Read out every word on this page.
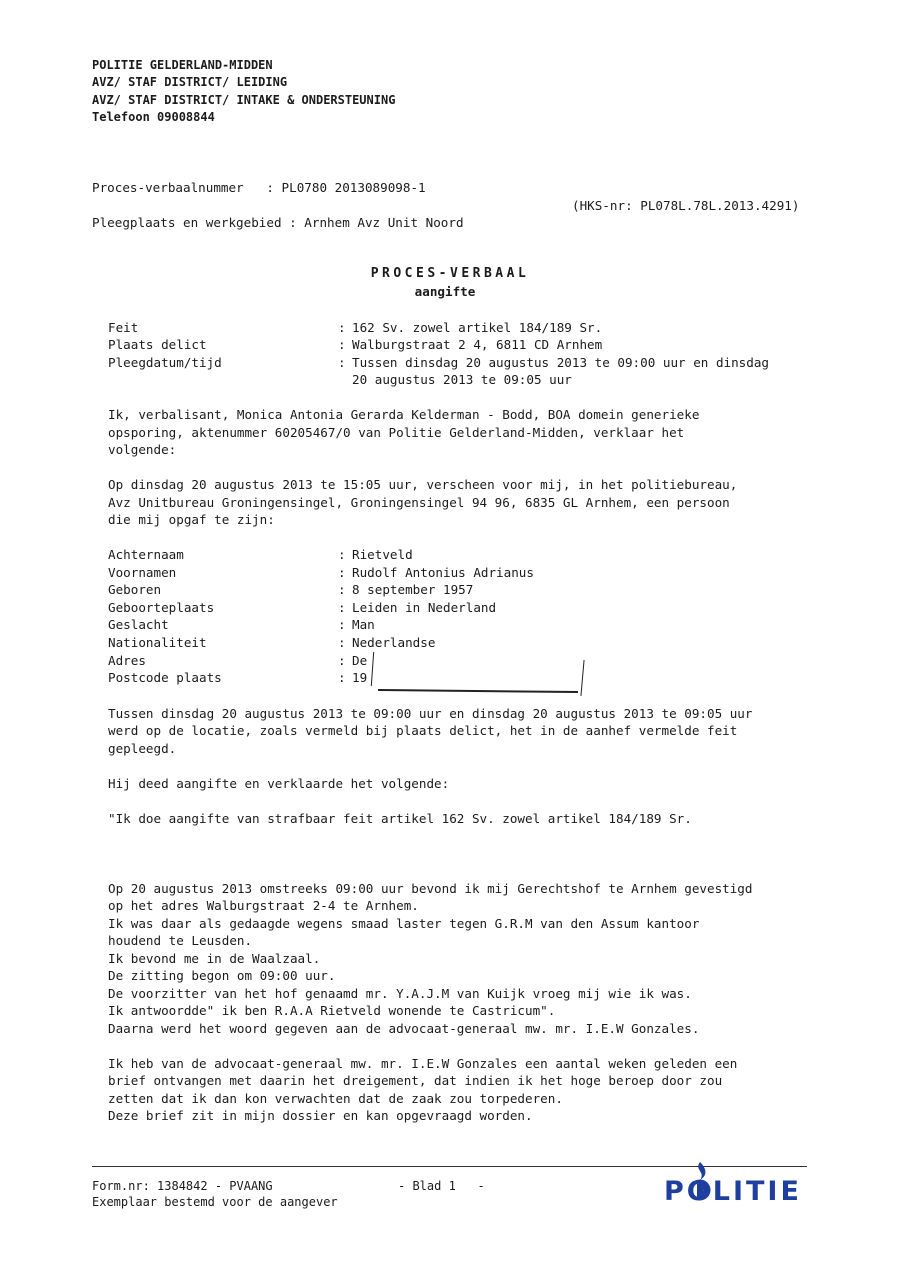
POLITIE GELDERLAND-MIDDEN
AVZ/ STAF DISTRICT/ LEIDING
AVZ/ STAF DISTRICT/ INTAKE & ONDERSTEUNING
Telefoon 09008844
Proces-verbaalnummer   : PL0780 2013089098-1
(HKS-nr: PL078L.78L.2013.4291)
Pleegplaats en werkgebied : Arnhem Avz Unit Noord
PROCES-VERBAAL
aangifte
Feit	: 162 Sv. zowel artikel 184/189 Sr.
Plaats delict	: Walburgstraat 2 4, 6811 CD Arnhem
Pleegdatum/tijd	: Tussen dinsdag 20 augustus 2013 te 09:00 uur en dinsdag
20 augustus 2013 te 09:05 uur
Ik, verbalisant, Monica Antonia Gerarda Kelderman - Bodd, BOA domein generieke
opsporing, aktenummer 60205467/0 van Politie Gelderland-Midden, verklaar het
volgende:
Op dinsdag 20 augustus 2013 te 15:05 uur, verscheen voor mij, in het politiebureau,
Avz Unitbureau Groningensingel, Groningensingel 94 96, 6835 GL Arnhem, een persoon
die mij opgaf te zijn:
Achternaam	: Rietveld
Voornamen	: Rudolf Antonius Adrianus
Geboren	: 8 september 1957
Geboorteplaats	: Leiden in Nederland
Geslacht	: Man
Nationaliteit	: Nederlandse
Adres	: De
Postcode plaats	: 19
Tussen dinsdag 20 augustus 2013 te 09:00 uur en dinsdag 20 augustus 2013 te 09:05 uur
werd op de locatie, zoals vermeld bij plaats delict, het in de aanhef vermelde feit
gepleegd.
Hij deed aangifte en verklaarde het volgende:
"Ik doe aangifte van strafbaar feit artikel 162 Sv. zowel artikel 184/189 Sr.
Op 20 augustus 2013 omstreeks 09:00 uur bevond ik mij Gerechtshof te Arnhem gevestigd
op het adres Walburgstraat 2-4 te Arnhem.
Ik was daar als gedaagde wegens smaad laster tegen G.R.M van den Assum kantoor
houdend te Leusden.
Ik bevond me in de Waalzaal.
De zitting begon om 09:00 uur.
De voorzitter van het hof genaamd mr. Y.A.J.M van Kuijk vroeg mij wie ik was.
Ik antwoordde" ik ben R.A.A Rietveld wonende te Castricum".
Daarna werd het woord gegeven aan de advocaat-generaal mw. mr. I.E.W Gonzales.
Ik heb van de advocaat-generaal mw. mr. I.E.W Gonzales een aantal weken geleden een
brief ontvangen met daarin het dreigement, dat indien ik het hoge beroep door zou
zetten dat ik dan kon verwachten dat de zaak zou torpederen.
Deze brief zit in mijn dossier en kan opgevraagd worden.
Form.nr: 1384842 - PVAANG	- Blad 1   -
Exemplaar bestemd voor de aangever	POLITIE
